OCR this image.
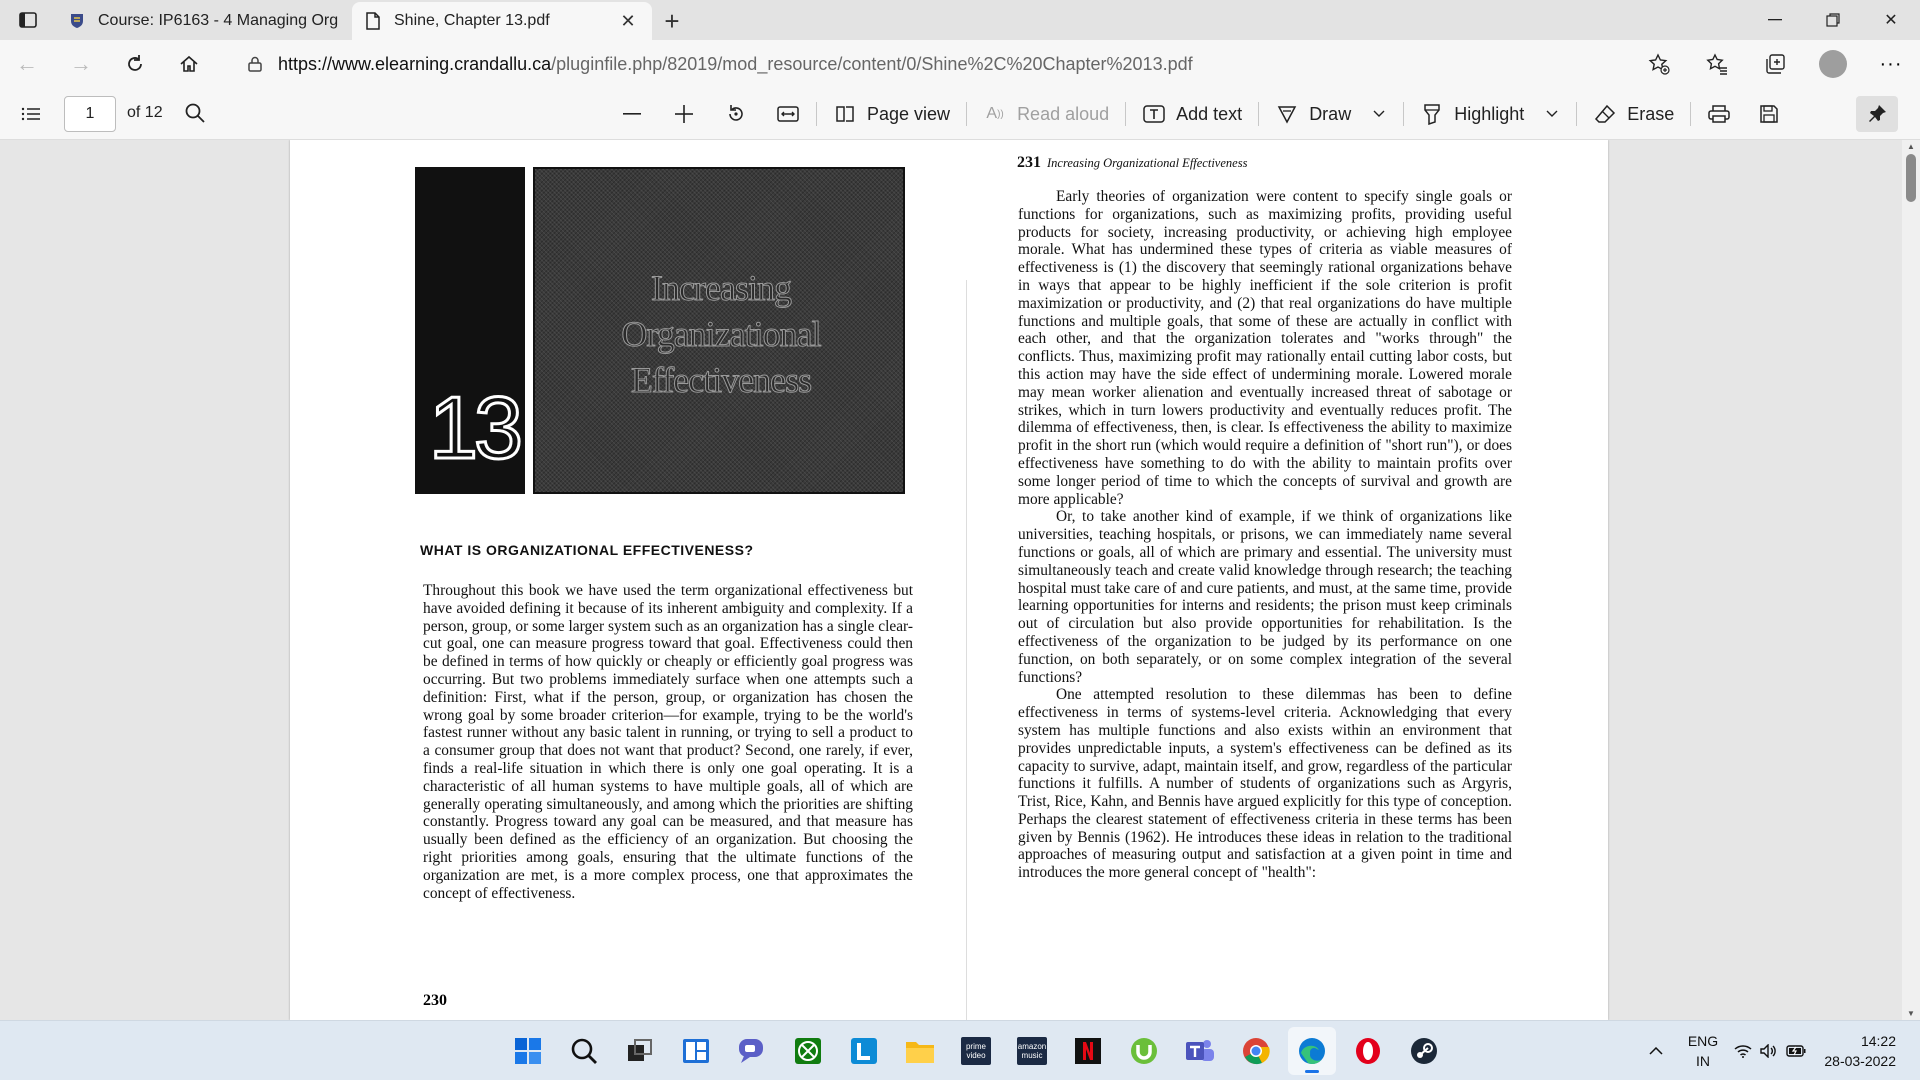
Course: IP6163 - 4 Managing Org	Shine, Chapter 13.pdf	✕ +	✕
← →	https://www.elearning.crandallu.ca /pluginfile.php/82019/mod_resource/content/0/Shine%2C%20Chapter%2013.pdf	···
1	of 12	Page view A )) Read aloud	Add text	Draw	Highlight	Erase
13
Increasing
Organizational
Effectiveness
WHAT IS ORGANIZATIONAL EFFECTIVENESS?

Throughout this book we have used the term organizational effectiveness but have avoided defining it because of its inherent ambiguity and complexity. If a person, group, or some larger system such as an organization has a single clear-cut goal, one can measure progress toward that goal. Effectiveness could then be defined in terms of how quickly or cheaply or efficiently goal progress was occurring. But two problems immediately surface when one attempts such a definition: First, what if the person, group, or organization has chosen the wrong goal by some broader criterion—for example, trying to be the world's fastest runner without any basic talent in running, or trying to sell a product to a consumer group that does not want that product? Second, one rarely, if ever, finds a real-life situation in which there is only one goal operating. It is a characteristic of all human systems to have multiple goals, all of which are generally operating simultaneously, and among which the priorities are shifting constantly. Progress toward any goal can be measured, and that measure has usually been defined as the efficiency of an organization. But choosing the right priorities among goals, ensuring that the ultimate functions of the organization are met, is a more complex process, one that approximates the concept of effectiveness.

230
231 Increasing Organizational Effectiveness

Early theories of organization were content to specify single goals or functions for organizations, such as maximizing profits, providing useful products for society, increasing productivity, or achieving high employee morale. What has undermined these types of criteria as viable measures of effectiveness is (1) the discovery that seemingly rational organizations behave in ways that appear to be highly inefficient if the sole criterion is profit maximization or productivity, and (2) that real organizations do have multiple functions and multiple goals, that some of these are actually in conflict with each other, and that the organization tolerates and "works through" the conflicts. Thus, maximizing profit may rationally entail cutting labor costs, but this action may have the side effect of undermining morale. Lowered morale may mean worker alienation and eventually increased threat of sabotage or strikes, which in turn lowers productivity and eventually reduces profit. The dilemma of effectiveness, then, is clear. Is effectiveness the ability to maximize profit in the short run (which would require a definition of "short run"), or does effectiveness have something to do with the ability to maintain profits over some longer period of time to which the concepts of survival and growth are more applicable?

Or, to take another kind of example, if we think of organizations like universities, teaching hospitals, or prisons, we can immediately name several functions or goals, all of which are primary and essential. The university must simultaneously teach and create valid knowledge through research; the teaching hospital must take care of and cure patients, and must, at the same time, provide learning opportunities for interns and residents; the prison must keep criminals out of circulation but also provide opportunities for rehabilitation. Is the effectiveness of the organization to be judged by its performance on one function, on both separately, or on some complex integration of the several functions?

One attempted resolution to these dilemmas has been to define effectiveness in terms of systems-level criteria. Acknowledging that every system has multiple functions and also exists within an environment that provides unpredictable inputs, a system's effectiveness can be defined as its capacity to survive, adapt, maintain itself, and grow, regardless of the particular functions it fulfills. A number of students of organizations such as Argyris, Trist, Rice, Kahn, and Bennis have argued explicitly for this type of conception. Perhaps the clearest statement of effectiveness criteria in these terms has been given by Bennis (1962). He introduces these ideas in relation to the traditional approaches of measuring output and satisfaction at a given point in time and introduces the more general concept of "health":

▲
▼
prime video
amazon music
ENG
IN
14:22
28-03-2022
